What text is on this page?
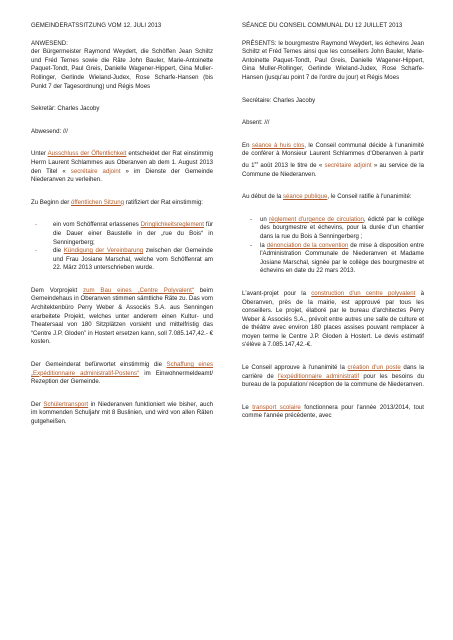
GEMEINDERATSSITZUNG VOM 12. JULI 2013

ANWESEND:

der Bürgermeister Raymond Weydert, die Schöffen Jean Schiltz und Fréd Ternes sowie die Räte John Bauler, Marie-Antoinette Paquet-Tondt, Paul Greis, Danielle Wagener-Hippert, Gina Muller-Rollinger, Gerlinde Wieland-Judex, Rose Scharfe-Hansen (bis Punkt 7 der Tagesordnung) und Régis Moes

Sekretär: Charles Jacoby

Abwesend: ///

Unter Ausschluss der Öffentlichkeit entscheidet der Rat einstimmig Herrn Laurent Schlammes aus Oberanven ab dem 1. August 2013 den Titel « secrétaire adjoint » im Dienste der Gemeinde Niederanven zu verleihen.

Zu Beginn der öffentlichen Sitzung ratifiziert der Rat einstimmig:

-	ein vom Schöffenrat erlassenes Dringlichkeitsreglement für die Dauer einer Baustelle in der „rue du Bois“ in Senningerberg;
-	die Kündigung der Vereinbarung zwischen der Gemeinde und Frau Josiane Marschal, welche vom Schöffenrat am 22. März 2013 unterschrieben wurde.

Dem Vorprojekt zum Bau eines „Centre Polyvalent“ beim Gemeindehaus in Oberanven stimmen sämtliche Räte zu. Das vom Architektenbüro Perry Weber & Associés S.A. aus Senningen erarbeitete Projekt, welches unter anderem einen Kultur- und Theatersaal von 180 Sitzplätzen vorsieht und mittelfristig das “Centre J.P. Gloden” in Hostert ersetzen kann, soll 7.085.147,42.- € kosten.

Der Gemeinderat befürwortet einstimmig die Schaffung eines „Expéditionnaire administratif-Postens“ im Einwohnermeldeamt/ Rezeption der Gemeinde.

Der Schülertransport in Niederanven funktioniert wie bisher, auch im kommenden Schuljahr mit 8 Buslinien, und wird von allen Räten gutgeheißen.

SÉANCE DU CONSEIL COMMUNAL DU 12 JUILLET 2013

PRÉSENTS: le bourgmestre Raymond Weydert, les échevins Jean Schiltz et Fréd Ternes ainsi que les conseillers John Bauler, Marie-Antoinette Paquet-Tondt, Paul Greis, Danielle Wagener-Hippert, Gina Muller-Rollinger, Gerlinde Wieland-Judex, Rose Scharfe-Hansen (jusqu'au point 7 de l'ordre du jour) et Régis Moes

Secrétaire: Charles Jacoby

Absent: ///

En séance à huis clos, le Conseil communal décide à l'unanimité de conférer à Monsieur Laurent Schlammes d'Oberanven à partir du 1er août 2013 le titre de « secrétaire adjoint » au service de la Commune de Niederanven.

Au début de la séance publique, le Conseil ratifie à l'unanimité:

- un règlement d'urgence de circulation, édicté par le collège des bourgmestre et échevins, pour la durée d'un chantier dans la rue du Bois à Senningerberg ;
- la dénonciation de la convention de mise à disposition entre l'Administration Communale de Niederanven et Madame Josiane Marschal, signée par le collège des bourgmestre et échevins en date du 22 mars 2013.

L'avant-projet pour la construction d'un centre polyvalent à Oberanven, près de la mairie, est approuvé par tous les conseillers. Le projet, élaboré par le bureau d'architectes Perry Weber & Associés S.A., prévoit entre autres une salle de culture et de théâtre avec environ 180 places assises pouvant remplacer à moyen terme le Centre J.P. Gloden à Hostert. Le devis estimatif s'élève à 7.085.147,42.-€.

Le Conseil approuve à l'unanimité la création d'un poste dans la carrière de l'expéditionnaire administratif pour les besoins du bureau de la population/ réception de la commune de Niederanven.

Le transport scolaire fonctionnera pour l'année 2013/2014, tout comme l'année précédente, avec
